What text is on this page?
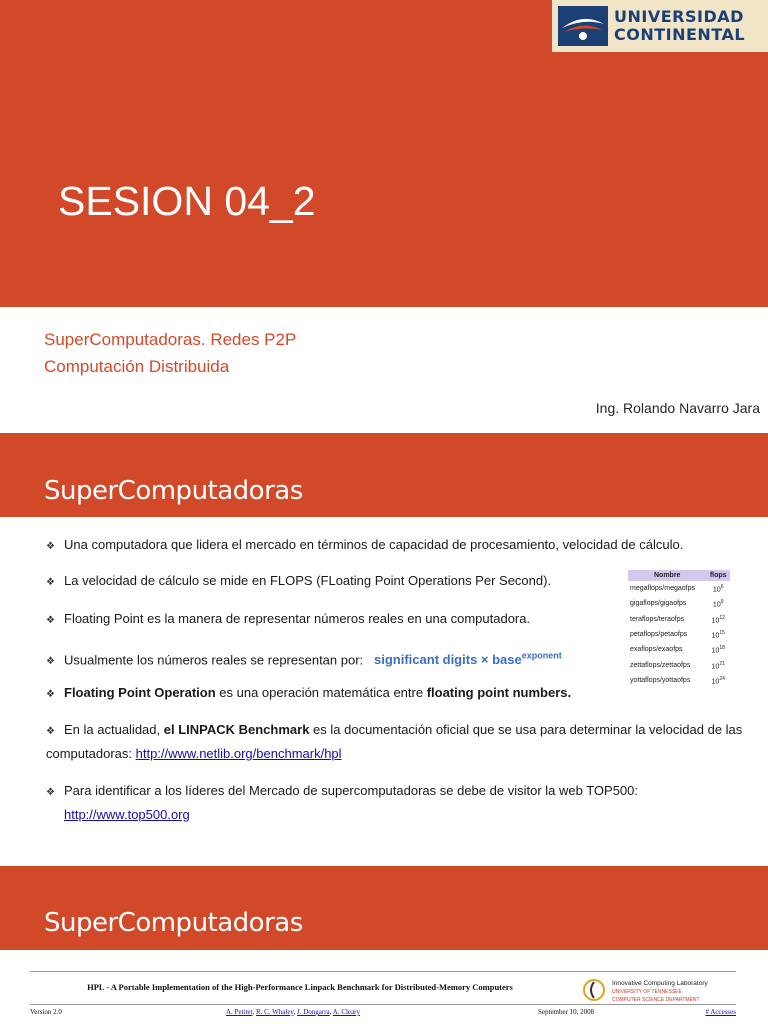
UNIVERSIDAD
CONTINENTAL
SESION 04_2
SuperComputadoras. Redes P2P
Computación Distribuida
Ing. Rolando Navarro Jara
SuperComputadoras
❖ Una computadora que lidera el mercado en términos de capacidad de procesamiento, velocidad de cálculo.
❖ La velocidad de cálculo se mide en FLOPS (FLoating Point Operations Per Second).
❖ Floating Point es la manera de representar números reales en una computadora.
❖ Usualmente los números reales se representan por: significant digits × base$^{exponent}$
❖ Floating Point Operation es una operación matemática entre floating point numbers.
❖ En la actualidad, el LINPACK Benchmark es la documentación oficial que se usa para determinar la velocidad de las computadoras: http://www.netlib.org/benchmark/hpl
❖ Para identificar a los líderes del Mercado de supercomputadoras se debe de visitor la web TOP500:
http://www.top500.org
Nombre	flops
megaflops/megaofps	$10^6$
gigaflops/gigaofps	$10^9$
teraflops/teraofps	$10^{12}$
petaflops/petaofps	$10^{15}$
exaflops/exaofps	$10^{18}$
zettaflops/zettaofps	$10^{21}$
yottaflops/yottaofps	$10^{24}$
SuperComputadoras
HPL - A Portable Implementation of the High-Performance Linpack Benchmark for Distributed-Memory Computers	Innovative Computing Laboratory
UNIVERSITY OF TENNESSEE
COMPUTER SCIENCE DEPARTMENT
Version 2.0	A. Petitet, R. C. Whaley, J. Dongarra, A. Cleary	September 10, 2008	# Accesses
